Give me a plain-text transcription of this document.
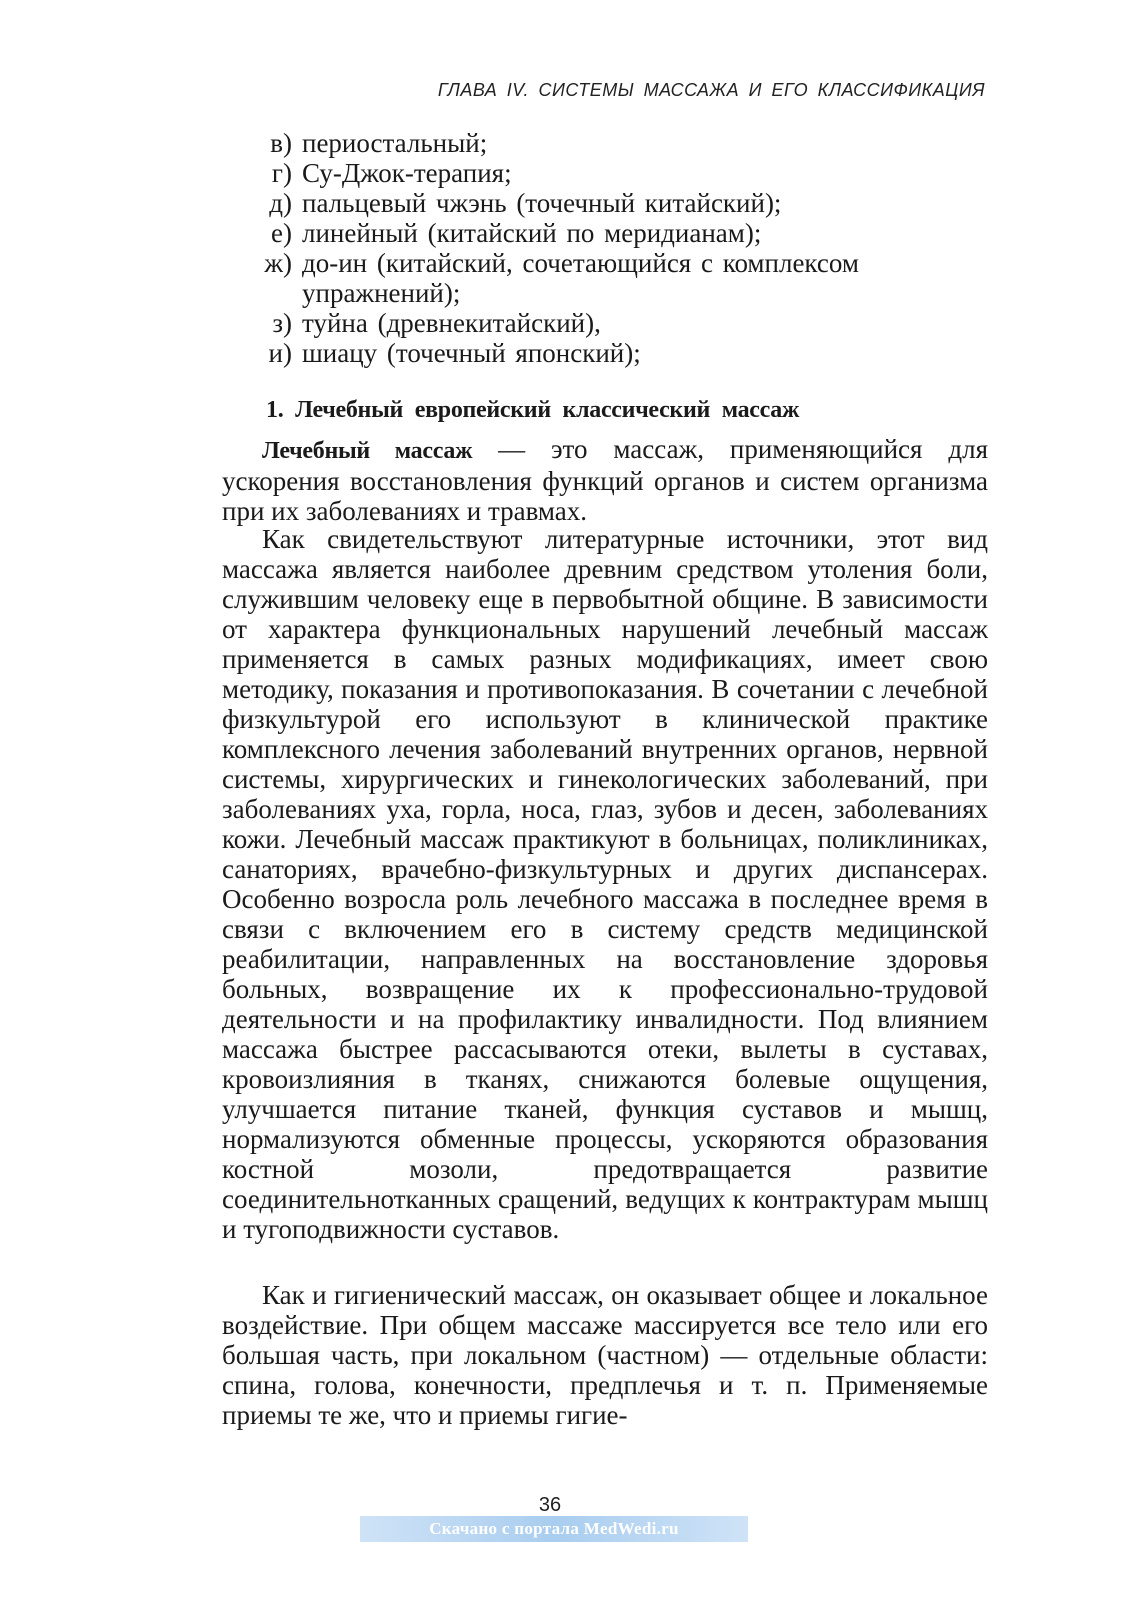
ГЛАВА IV. СИСТЕМЫ МАССАЖА И ЕГО КЛАССИФИКАЦИЯ
в) периостальный;
г) Су-Джок-терапия;
д) пальцевый чжэнь (точечный китайский);
е) линейный (китайский по меридианам);
ж) до-ин (китайский, сочетающийся с комплексом упражнений);
з) туйна (древнекитайский),
и) шиацу (точечный японский);
1. Лечебный европейский классический массаж

Лечебный массаж — это массаж, применяющийся для ускорения восстановления функций органов и систем организма при их заболеваниях и травмах.

Как свидетельствуют литературные источники, этот вид массажа является наиболее древним средством утоления боли, служившим человеку еще в первобытной общине. В зависимости от характера функциональных нарушений лечебный массаж применяется в самых разных модификациях, имеет свою методику, показания и противопоказания. В сочетании с лечебной физкультурой его используют в клинической практике комплексного лечения заболеваний внутренних органов, нервной системы, хирургических и гинекологических заболеваний, при заболеваниях уха, горла, носа, глаз, зубов и десен, заболеваниях кожи. Лечебный массаж практикуют в больницах, поликлиниках, санаториях, врачебно-физкультурных и других диспансерах. Особенно возросла роль лечебного массажа в последнее время в связи с включением его в систему средств медицинской реабилитации, направленных на восстановление здоровья больных, возвращение их к профессионально-трудовой деятельности и на профилактику инвалидности. Под влиянием массажа быстрее рассасываются отеки, вылеты в суставах, кровоизлияния в тканях, снижаются болевые ощущения, улучшается питание тканей, функция суставов и мышц, нормализуются обменные процессы, ускоряются образования костной мозоли, предотвращается развитие соединительнотканных сращений, ведущих к контрактурам мышц и тугоподвижности суставов.

Как и гигиенический массаж, он оказывает общее и локальное воздействие. При общем массаже массируется все тело или его большая часть, при локальном (частном) — отдельные области: спина, голова, конечности, предплечья и т. п. Применяемые приемы те же, что и приемы гигие-

36
Скачано с портала MedWedi.ru
